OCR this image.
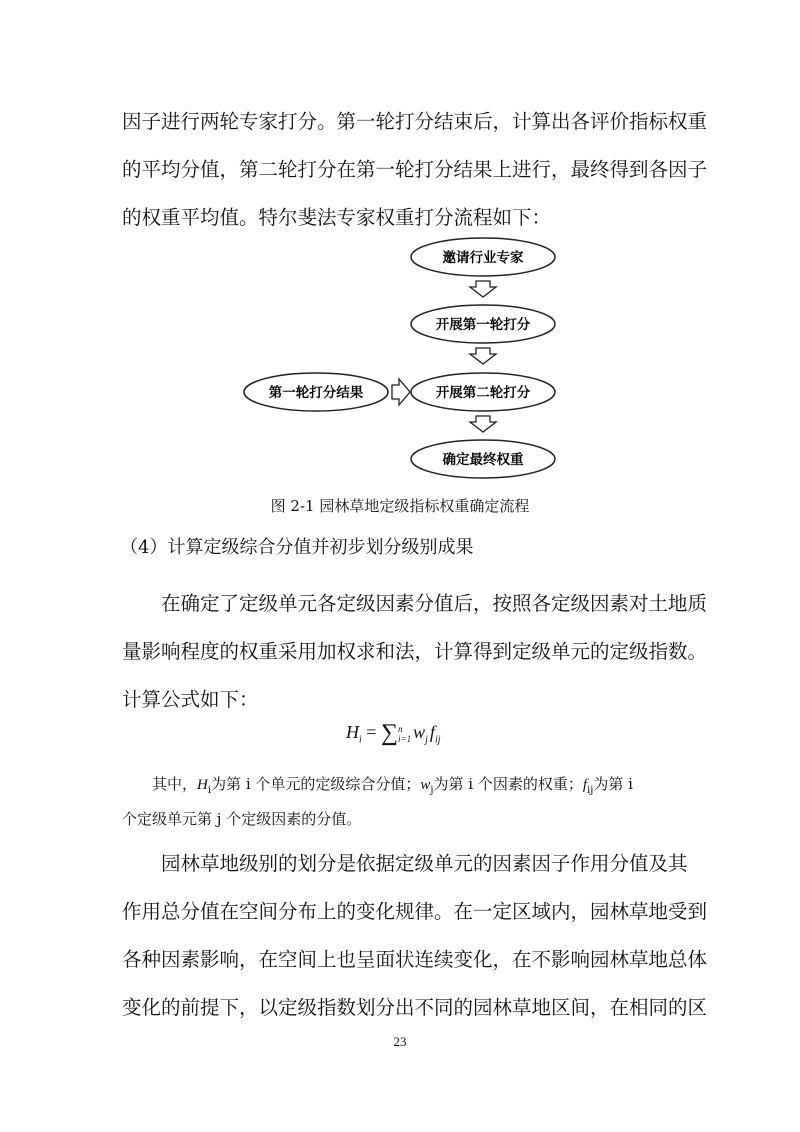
因子进行两轮专家打分。第一轮打分结束后，计算出各评价指标权重
的平均分值，第二轮打分在第一轮打分结果上进行，最终得到各因子
的权重平均值。特尔斐法专家权重打分流程如下：
邀请行业专家
开展第一轮打分
第一轮打分结果	开展第二轮打分
确定最终权重
图 2-1 园林草地定级指标权重确定流程
（4）计算定级综合分值并初步划分级别成果
在确定了定级单元各定级因素分值后，按照各定级因素对土地质
量影响程度的权重采用加权求和法，计算得到定级单元的定级指数。
计算公式如下：
$H_i$ = ∑ n
i=1 $w_j$ $f_{ij}$
其中，$H_i$为第 i 个单元的定级综合分值；$w_j$为第 i 个因素的权重；$f_{ij}$为第 i
个定级单元第 j 个定级因素的分值。
园林草地级别的划分是依据定级单元的因素因子作用分值及其
作用总分值在空间分布上的变化规律。在一定区域内，园林草地受到
各种因素影响，在空间上也呈面状连续变化，在不影响园林草地总体
变化的前提下，以定级指数划分出不同的园林草地区间，在相同的区
23
